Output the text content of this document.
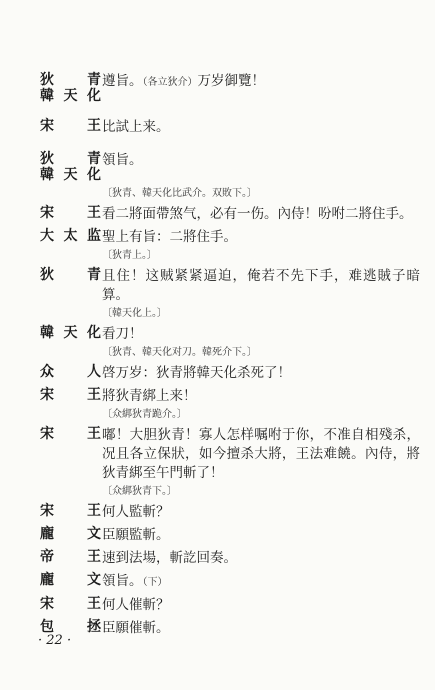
狄青
韓天化
遵旨。（各立狄介）万岁御覽！
宋王 比試上来。
狄青
韓天化
領旨。
〔狄青、韓天化比武介。双敗下。〕
宋王 看二將面帶煞气，必有一伤。內侍！吩咐二將住手。
大太监 聖上有旨：二將住手。
〔狄青上。〕
狄青 且住！这贼紧紧逼迫，俺若不先下手，难逃賊子暗算。
〔韓天化上。〕
韓天化 看刀！
〔狄青、韓天化对刀。韓死介下。〕
众人 啓万岁：狄青將韓天化杀死了！
宋王 將狄青綁上来！
〔众綁狄青跪介。〕
宋王 嘟！大胆狄青！寡人怎样嘱咐于你，不准自相殘杀，况且各立保狀，如今擅杀大將，王法难饒。內侍，將狄青綁至午門斬了！
〔众綁狄青下。〕
宋王 何人監斬？
龐文 臣願監斬。
帝王 速到法場，斬訖回奏。
龐文 領旨。（下）
宋王 何人催斬？
包拯 臣願催斬。
· 22 ·
